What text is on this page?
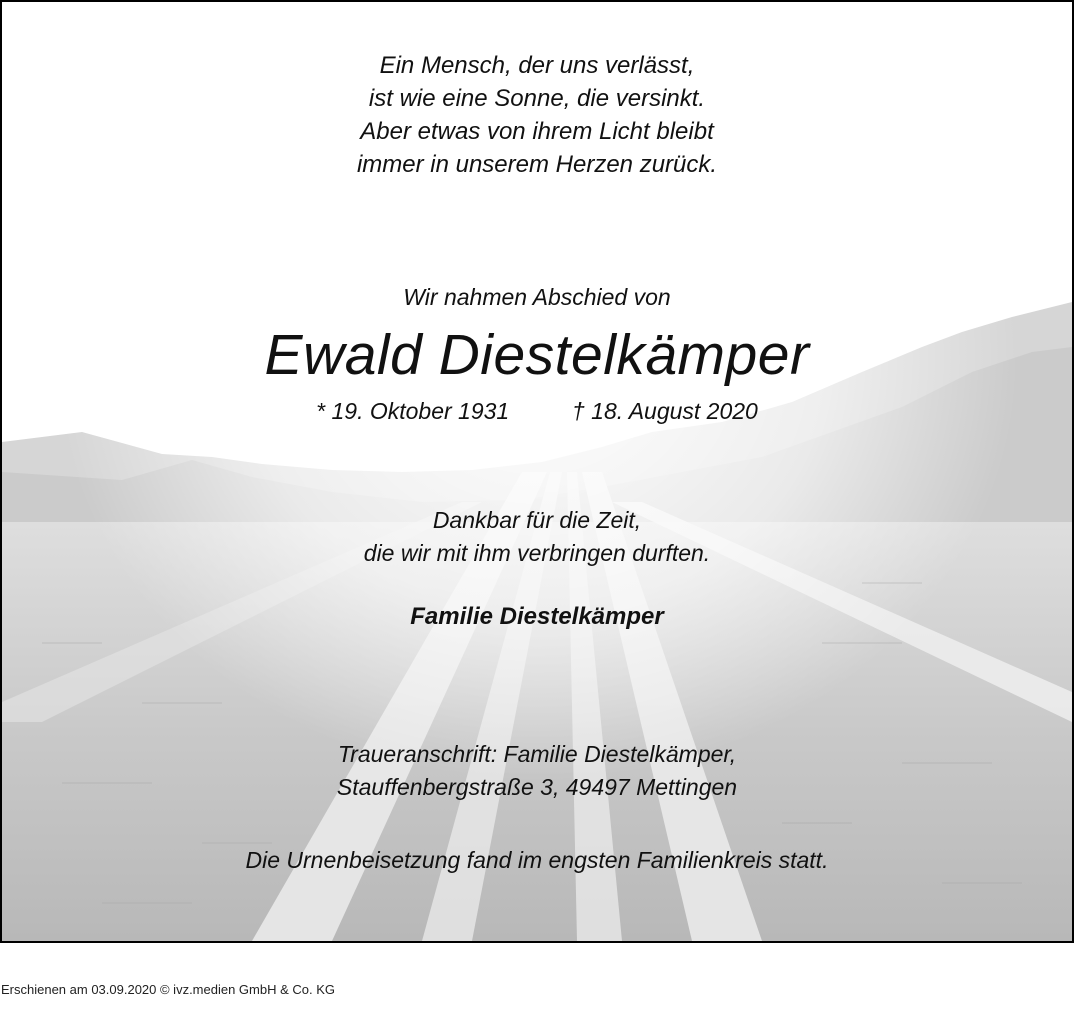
Ein Mensch, der uns verlässt,
ist wie eine Sonne, die versinkt.
Aber etwas von ihrem Licht bleibt
immer in unserem Herzen zurück.
Wir nahmen Abschied von
Ewald Diestelkämper
* 19. Oktober 1931	† 18. August 2020
Dankbar für die Zeit,
die wir mit ihm verbringen durften.
Familie Diestelkämper
Traueranschrift: Familie Diestelkämper,
Stauffenbergstraße 3, 49497 Mettingen
Die Urnenbeisetzung fand im engsten Familienkreis statt.
Erschienen am 03.09.2020 © ivz.medien GmbH & Co. KG
